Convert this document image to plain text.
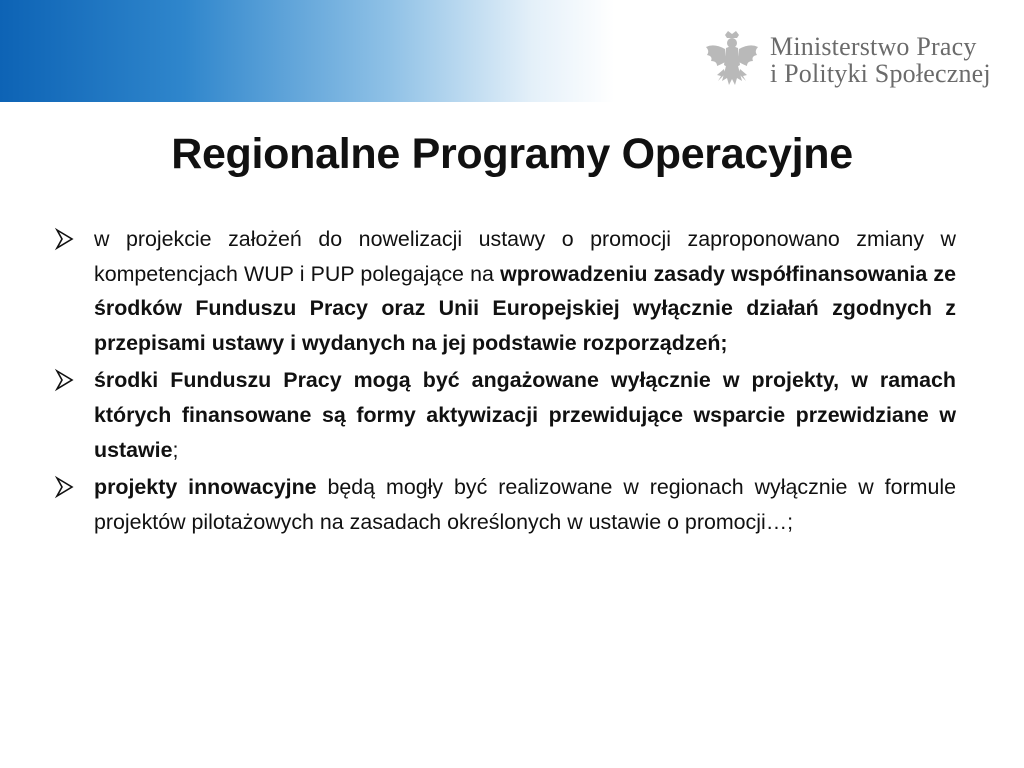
Ministerstwo Pracy
i Polityki Społecznej
Regionalne Programy Operacyjne
w projekcie założeń do nowelizacji ustawy o promocji zaproponowano zmiany w kompetencjach WUP i PUP polegające na wprowadzeniu zasady współfinansowania ze środków Funduszu Pracy oraz Unii Europejskiej wyłącznie działań zgodnych z przepisami ustawy i wydanych na jej podstawie rozporządzeń;
środki Funduszu Pracy mogą być angażowane wyłącznie w projekty, w ramach których finansowane są formy aktywizacji przewidujące wsparcie przewidziane w ustawie;
projekty innowacyjne będą mogły być realizowane w regionach wyłącznie w formule projektów pilotażowych na zasadach określonych w ustawie o promocji…;
